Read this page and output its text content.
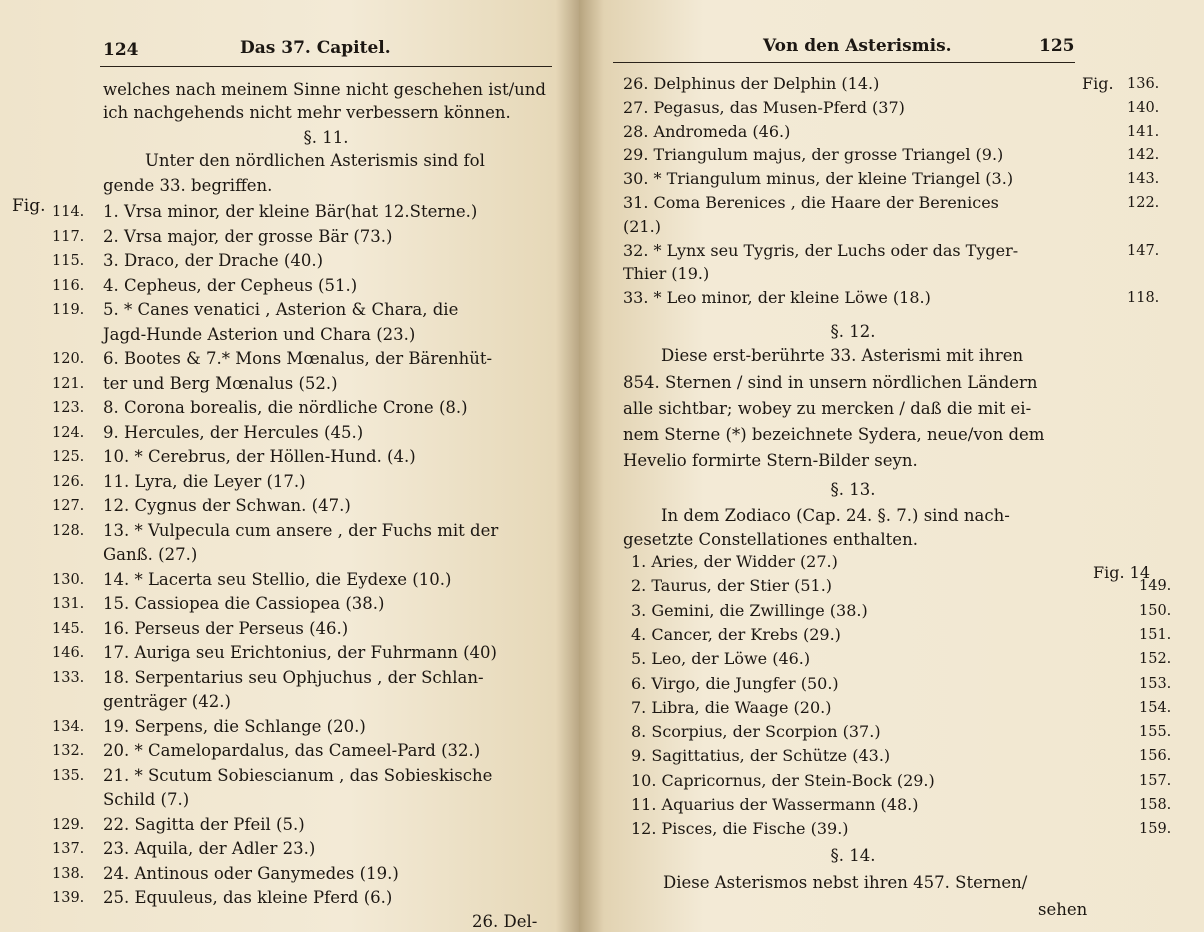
124	Das 37. Capitel.
welches nach meinem Sinne nicht geschehen ist/und
ich nachgehends nicht mehr verbessern können.
§. 11.
Unter den nördlichen Asterismis sind fol
gende 33. begriffen.
Fig. 114. 1. Vrsa minor, der kleine Bär(hat 12.Sterne.)
117. 2. Vrsa major, der grosse Bär (73.)
115. 3. Draco, der Drache (40.)
116. 4. Cepheus, der Cepheus (51.)
119. 5. * Canes venatici , Asterion & Chara, die
Jagd-Hunde Asterion und Chara (23.)
120. 6. Bootes & 7.* Mons Mœnalus, der Bärenhüt-
121. ter und Berg Mœnalus (52.)
123. 8. Corona borealis, die nördliche Crone (8.)
124. 9. Hercules, der Hercules (45.)
125. 10. * Cerebrus, der Höllen-Hund. (4.)
126. 11. Lyra, die Leyer (17.)
127. 12. Cygnus der Schwan. (47.)
128. 13. * Vulpecula cum ansere , der Fuchs mit der
Ganß. (27.)
130. 14. * Lacerta seu Stellio, die Eydexe (10.)
131. 15. Cassiopea die Cassiopea (38.)
145. 16. Perseus der Perseus (46.)
146. 17. Auriga seu Erichtonius, der Fuhrmann (40)
133. 18. Serpentarius seu Ophjuchus , der Schlan-
genträger (42.)
134. 19. Serpens, die Schlange (20.)
132. 20. * Camelopardalus, das Cameel-Pard (32.)
135. 21. * Scutum Sobiescianum , das Sobieskische
Schild (7.)
129. 22. Sagitta der Pfeil (5.)
137. 23. Aquila, der Adler 23.)
138. 24. Antinous oder Ganymedes (19.)
139. 25. Equuleus, das kleine Pferd (6.)
26. Del-
Von den Asterismis.	125
Fig. 136.
26. Delphinus der Delphin (14.)
140.
27. Pegasus, das Musen-Pferd (37)
141.
28. Andromeda (46.)
142.
29. Triangulum majus, der grosse Triangel (9.)
143.
30. * Triangulum minus, der kleine Triangel (3.)
122.
31. Coma Berenices , die Haare der Berenices
(21.)
147.
32. * Lynx seu Tygris, der Luchs oder das Tyger-
Thier (19.)
118.
33. * Leo minor, der kleine Löwe (18.)
§. 12.
Diese erst-berührte 33. Asterismi mit ihren
854. Sternen / sind in unsern nördlichen Ländern
alle sichtbar; wobey zu mercken / daß die mit ei-
nem Sterne (*) bezeichnete Sydera, neue/von dem
Hevelio formirte Stern-Bilder seyn.
§. 13.
In dem Zodiaco (Cap. 24. §. 7.) sind nach-
gesetzte Constellationes enthalten.
Fig. 14
1. Aries, der Widder (27.)
149.
2. Taurus, der Stier (51.)
150.
3. Gemini, die Zwillinge (38.)
151.
4. Cancer, der Krebs (29.)
152.
5. Leo, der Löwe (46.)
153.
6. Virgo, die Jungfer (50.)
154.
7. Libra, die Waage (20.)
155.
8. Scorpius, der Scorpion (37.)
156.
9. Sagittatius, der Schütze (43.)
157.
10. Capricornus, der Stein-Bock (29.)
158.
11. Aquarius der Wassermann (48.)
159.
12. Pisces, die Fische (39.)
§. 14.
Diese Asterismos nebst ihren 457. Sternen/
sehen
